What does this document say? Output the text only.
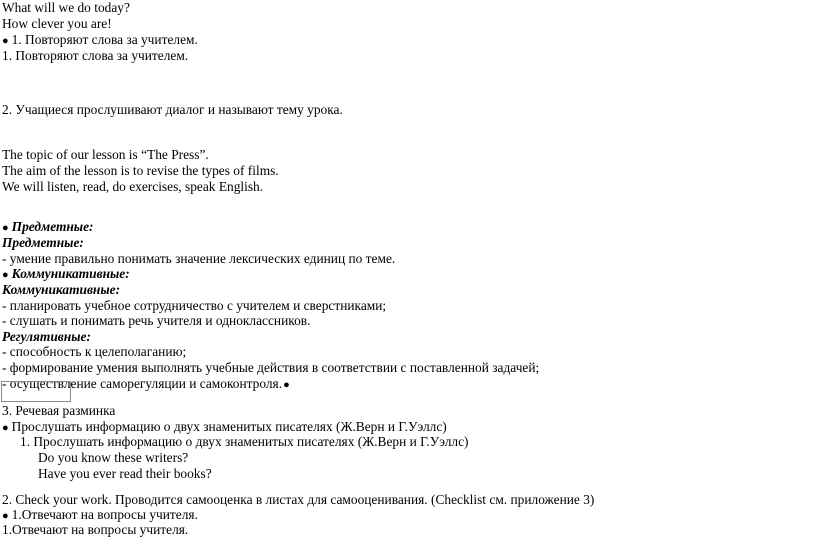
What will we do today?
How clever you are!
● 1. Повторяют слова за учителем.
1. Повторяют слова за учителем.
2. Учащиеся прослушивают диалог и называют тему урока.
The topic of our lesson is “The Press”.
The aim of the lesson is to revise the types of films.
We will listen, read, do exercises, speak English.
● Предметные:
Предметные:
- умение правильно понимать значение лексических единиц по теме.
● Коммуникативные:
Коммуникативные:
- планировать учебное сотрудничество с учителем и сверстниками;
- слушать и понимать речь учителя и одноклассников.
Регулятивные:
- способность к целеполаганию;
- формирование умения выполнять учебные действия в соответствии с поставленной задачей;
- осуществление саморегуляции и самоконтроля.●
3. Речевая разминка
● Прослушать информацию о двух знаменитых писателях (Ж.Верн и Г.Уэллс)
1. Прослушать информацию о двух знаменитых писателях (Ж.Верн и Г.Уэллс)
Do you know these writers?
Have you ever read their books?
2. Check your work. Проводится самооценка в листах для самооценивания. (Checklist см. приложение 3)
● 1.Отвечают на вопросы учителя.
1.Отвечают на вопросы учителя.
